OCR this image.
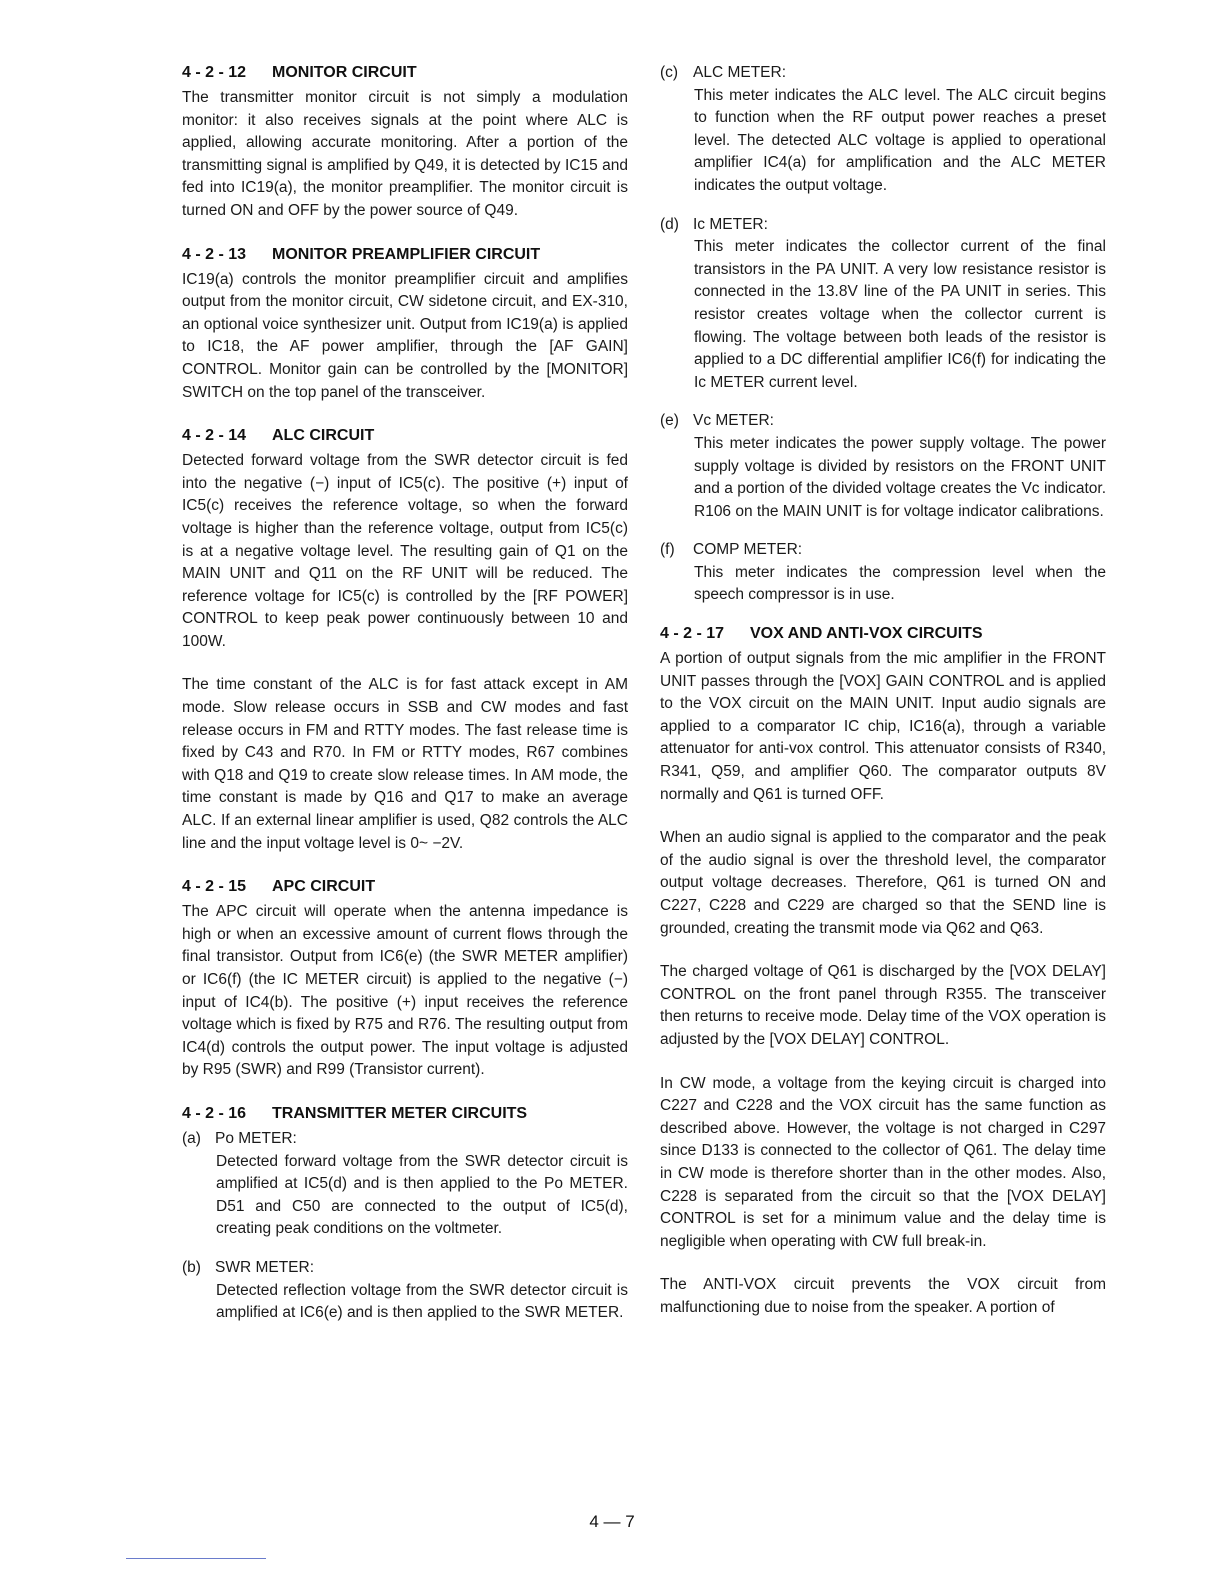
4 - 2 - 12 MONITOR CIRCUIT

The transmitter monitor circuit is not simply a modulation monitor: it also receives signals at the point where ALC is applied, allowing accurate monitoring. After a portion of the transmitting signal is amplified by Q49, it is detected by IC15 and fed into IC19(a), the monitor preamplifier. The monitor circuit is turned ON and OFF by the power source of Q49.

4 - 2 - 13 MONITOR PREAMPLIFIER CIRCUIT

IC19(a) controls the monitor preamplifier circuit and amplifies output from the monitor circuit, CW sidetone circuit, and EX-310, an optional voice synthesizer unit. Output from IC19(a) is applied to IC18, the AF power amplifier, through the [AF GAIN] CONTROL. Monitor gain can be controlled by the [MONITOR] SWITCH on the top panel of the transceiver.

4 - 2 - 14 ALC CIRCUIT

Detected forward voltage from the SWR detector circuit is fed into the negative (−) input of IC5(c). The positive (+) input of IC5(c) receives the reference voltage, so when the forward voltage is higher than the reference voltage, output from IC5(c) is at a negative voltage level. The resulting gain of Q1 on the MAIN UNIT and Q11 on the RF UNIT will be reduced. The reference voltage for IC5(c) is controlled by the [RF POWER] CONTROL to keep peak power continuously between 10 and 100W.

The time constant of the ALC is for fast attack except in AM mode. Slow release occurs in SSB and CW modes and fast release occurs in FM and RTTY modes. The fast release time is fixed by C43 and R70. In FM or RTTY modes, R67 combines with Q18 and Q19 to create slow release times. In AM mode, the time constant is made by Q16 and Q17 to make an average ALC. If an external linear amplifier is used, Q82 controls the ALC line and the input voltage level is 0~ −2V.

4 - 2 - 15 APC CIRCUIT

The APC circuit will operate when the antenna impedance is high or when an excessive amount of current flows through the final transistor. Output from IC6(e) (the SWR METER amplifier) or IC6(f) (the IC METER circuit) is applied to the negative (−) input of IC4(b). The positive (+) input receives the reference voltage which is fixed by R75 and R76. The resulting output from IC4(d) controls the output power. The input voltage is adjusted by R95 (SWR) and R99 (Transistor current).

4 - 2 - 16 TRANSMITTER METER CIRCUITS
(a) Po METER:

Detected forward voltage from the SWR detector circuit is amplified at IC5(d) and is then applied to the Po METER. D51 and C50 are connected to the output of IC5(d), creating peak conditions on the voltmeter.

(b) SWR METER:

Detected reflection voltage from the SWR detector circuit is amplified at IC6(e) and is then applied to the SWR METER.

(c) ALC METER:

This meter indicates the ALC level. The ALC circuit begins to function when the RF output power reaches a preset level. The detected ALC voltage is applied to operational amplifier IC4(a) for amplification and the ALC METER indicates the output voltage.

(d) Ic METER:

This meter indicates the collector current of the final transistors in the PA UNIT. A very low resistance resistor is connected in the 13.8V line of the PA UNIT in series. This resistor creates voltage when the collector current is flowing. The voltage between both leads of the resistor is applied to a DC differential amplifier IC6(f) for indicating the Ic METER current level.

(e) Vc METER:

This meter indicates the power supply voltage. The power supply voltage is divided by resistors on the FRONT UNIT and a portion of the divided voltage creates the Vc indicator. R106 on the MAIN UNIT is for voltage indicator calibrations.

(f) COMP METER:

This meter indicates the compression level when the speech compressor is in use.

4 - 2 - 17 VOX AND ANTI-VOX CIRCUITS

A portion of output signals from the mic amplifier in the FRONT UNIT passes through the [VOX] GAIN CONTROL and is applied to the VOX circuit on the MAIN UNIT. Input audio signals are applied to a comparator IC chip, IC16(a), through a variable attenuator for anti-vox control. This attenuator consists of R340, R341, Q59, and amplifier Q60. The comparator outputs 8V normally and Q61 is turned OFF.

When an audio signal is applied to the comparator and the peak of the audio signal is over the threshold level, the comparator output voltage decreases. Therefore, Q61 is turned ON and C227, C228 and C229 are charged so that the SEND line is grounded, creating the transmit mode via Q62 and Q63.

The charged voltage of Q61 is discharged by the [VOX DELAY] CONTROL on the front panel through R355. The transceiver then returns to receive mode. Delay time of the VOX operation is adjusted by the [VOX DELAY] CONTROL.

In CW mode, a voltage from the keying circuit is charged into C227 and C228 and the VOX circuit has the same function as described above. However, the voltage is not charged in C297 since D133 is connected to the collector of Q61. The delay time in CW mode is therefore shorter than in the other modes. Also, C228 is separated from the circuit so that the [VOX DELAY] CONTROL is set for a minimum value and the delay time is negligible when operating with CW full break-in.

The ANTI-VOX circuit prevents the VOX circuit from malfunctioning due to noise from the speaker. A portion of

4 — 7
